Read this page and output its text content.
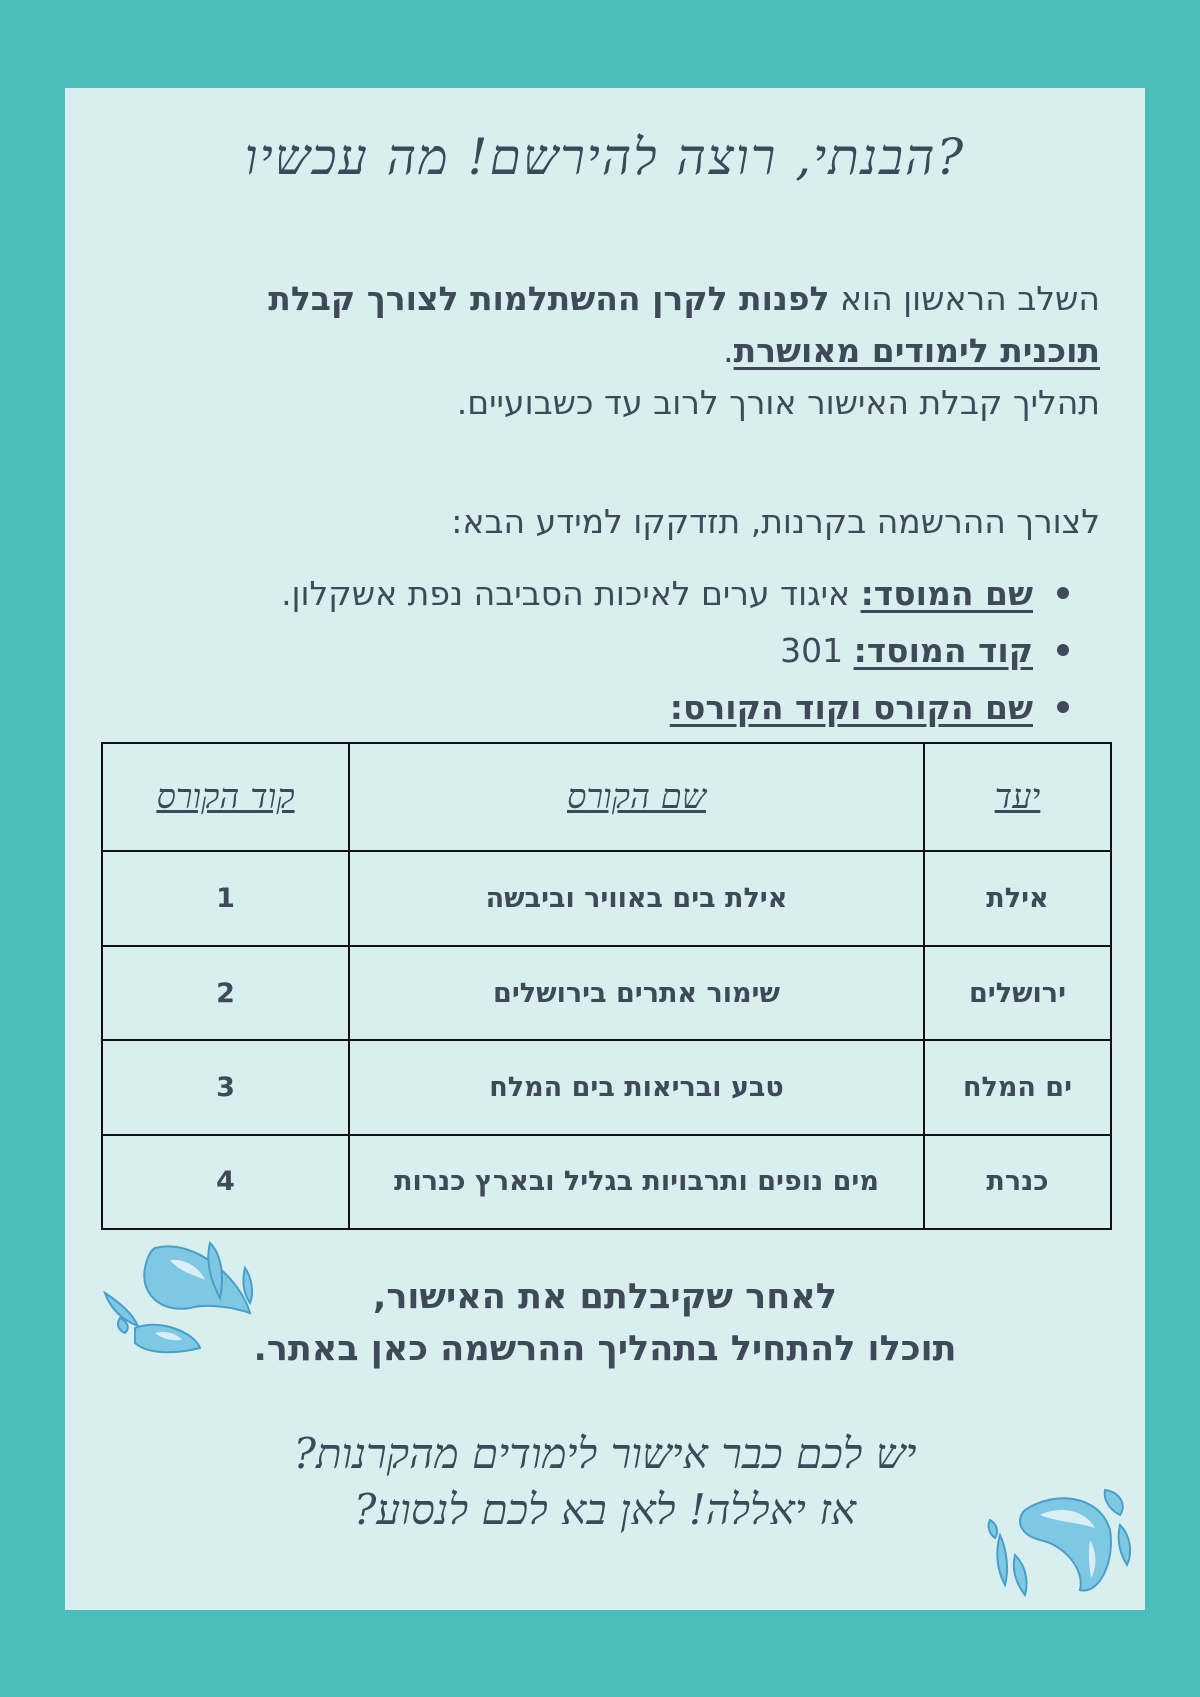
הבנתי, רוצה להירשם! מה עכשיו?
השלב הראשון הוא לפנות לקרן ההשתלמות לצורך קבלת
תוכנית לימודים מאושרת.
תהליך קבלת האישור אורך לרוב עד כשבועיים.
לצורך ההרשמה בקרנות, תזדקקו למידע הבא:
שם המוסד: איגוד ערים לאיכות הסביבה נפת אשקלון.
קוד המוסד: 301
שם הקורס וקוד הקורס:
יעד	שם הקורס	קוד הקורס
אילת	אילת בים באוויר וביבשה	1
ירושלים	שימור אתרים בירושלים	2
ים המלח	טבע ובריאות בים המלח	3
כנרת	מים נופים ותרבויות בגליל ובארץ כנרות	4
לאחר שקיבלתם את האישור,
תוכלו להתחיל בתהליך ההרשמה כאן באתר.
יש לכם כבר אישור לימודים מהקרנות?
אז יאללה! לאן בא לכם לנסוע?
